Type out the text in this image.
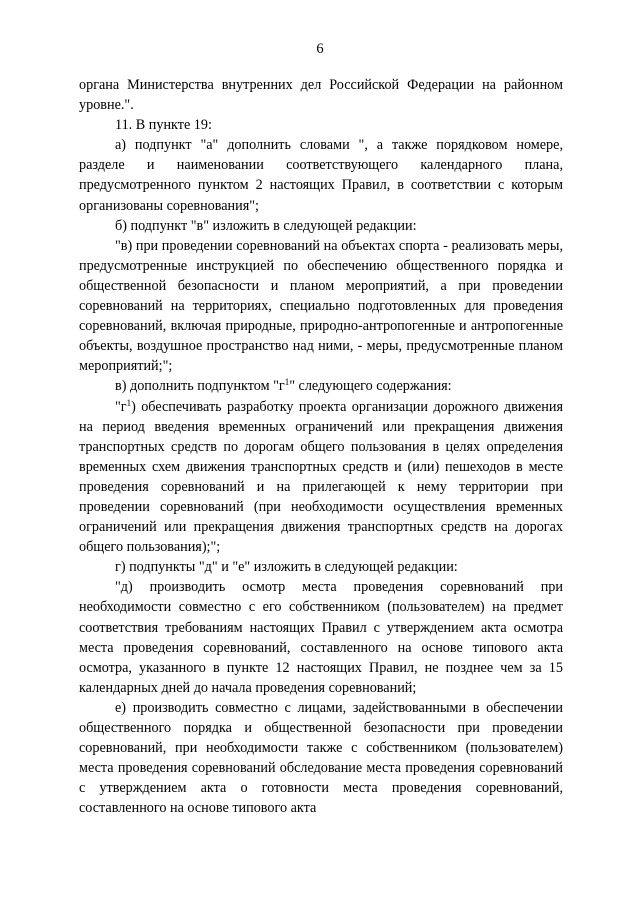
6

органа Министерства внутренних дел Российской Федерации на районном уровне.".

11. В пункте 19:

а) подпункт "а" дополнить словами ", а также порядковом номере, разделе и наименовании соответствующего календарного плана, предусмотренного пунктом 2 настоящих Правил, в соответствии с которым организованы соревнования";

б) подпункт "в" изложить в следующей редакции:

"в) при проведении соревнований на объектах спорта - реализовать меры, предусмотренные инструкцией по обеспечению общественного порядка и общественной безопасности и планом мероприятий, а при проведении соревнований на территориях, специально подготовленных для проведения соревнований, включая природные, природно-антропогенные и антропогенные объекты, воздушное пространство над ними, - меры, предусмотренные планом мероприятий;";

в) дополнить подпунктом "$г^1$" следующего содержания:

"$г^1$) обеспечивать разработку проекта организации дорожного движения на период введения временных ограничений или прекращения движения транспортных средств по дорогам общего пользования в целях определения временных схем движения транспортных средств и (или) пешеходов в месте проведения соревнований и на прилегающей к нему территории при проведении соревнований (при необходимости осуществления временных ограничений или прекращения движения транспортных средств на дорогах общего пользования);";

г) подпункты "д" и "е" изложить в следующей редакции:

"д) производить осмотр места проведения соревнований при необходимости совместно с его собственником (пользователем) на предмет соответствия требованиям настоящих Правил с утверждением акта осмотра места проведения соревнований, составленного на основе типового акта осмотра, указанного в пункте 12 настоящих Правил, не позднее чем за 15 календарных дней до начала проведения соревнований;

е) производить совместно с лицами, задействованными в обеспечении общественного порядка и общественной безопасности при проведении соревнований, при необходимости также с собственником (пользователем) места проведения соревнований обследование места проведения соревнований с утверждением акта о готовности места проведения соревнований, составленного на основе типового акта
